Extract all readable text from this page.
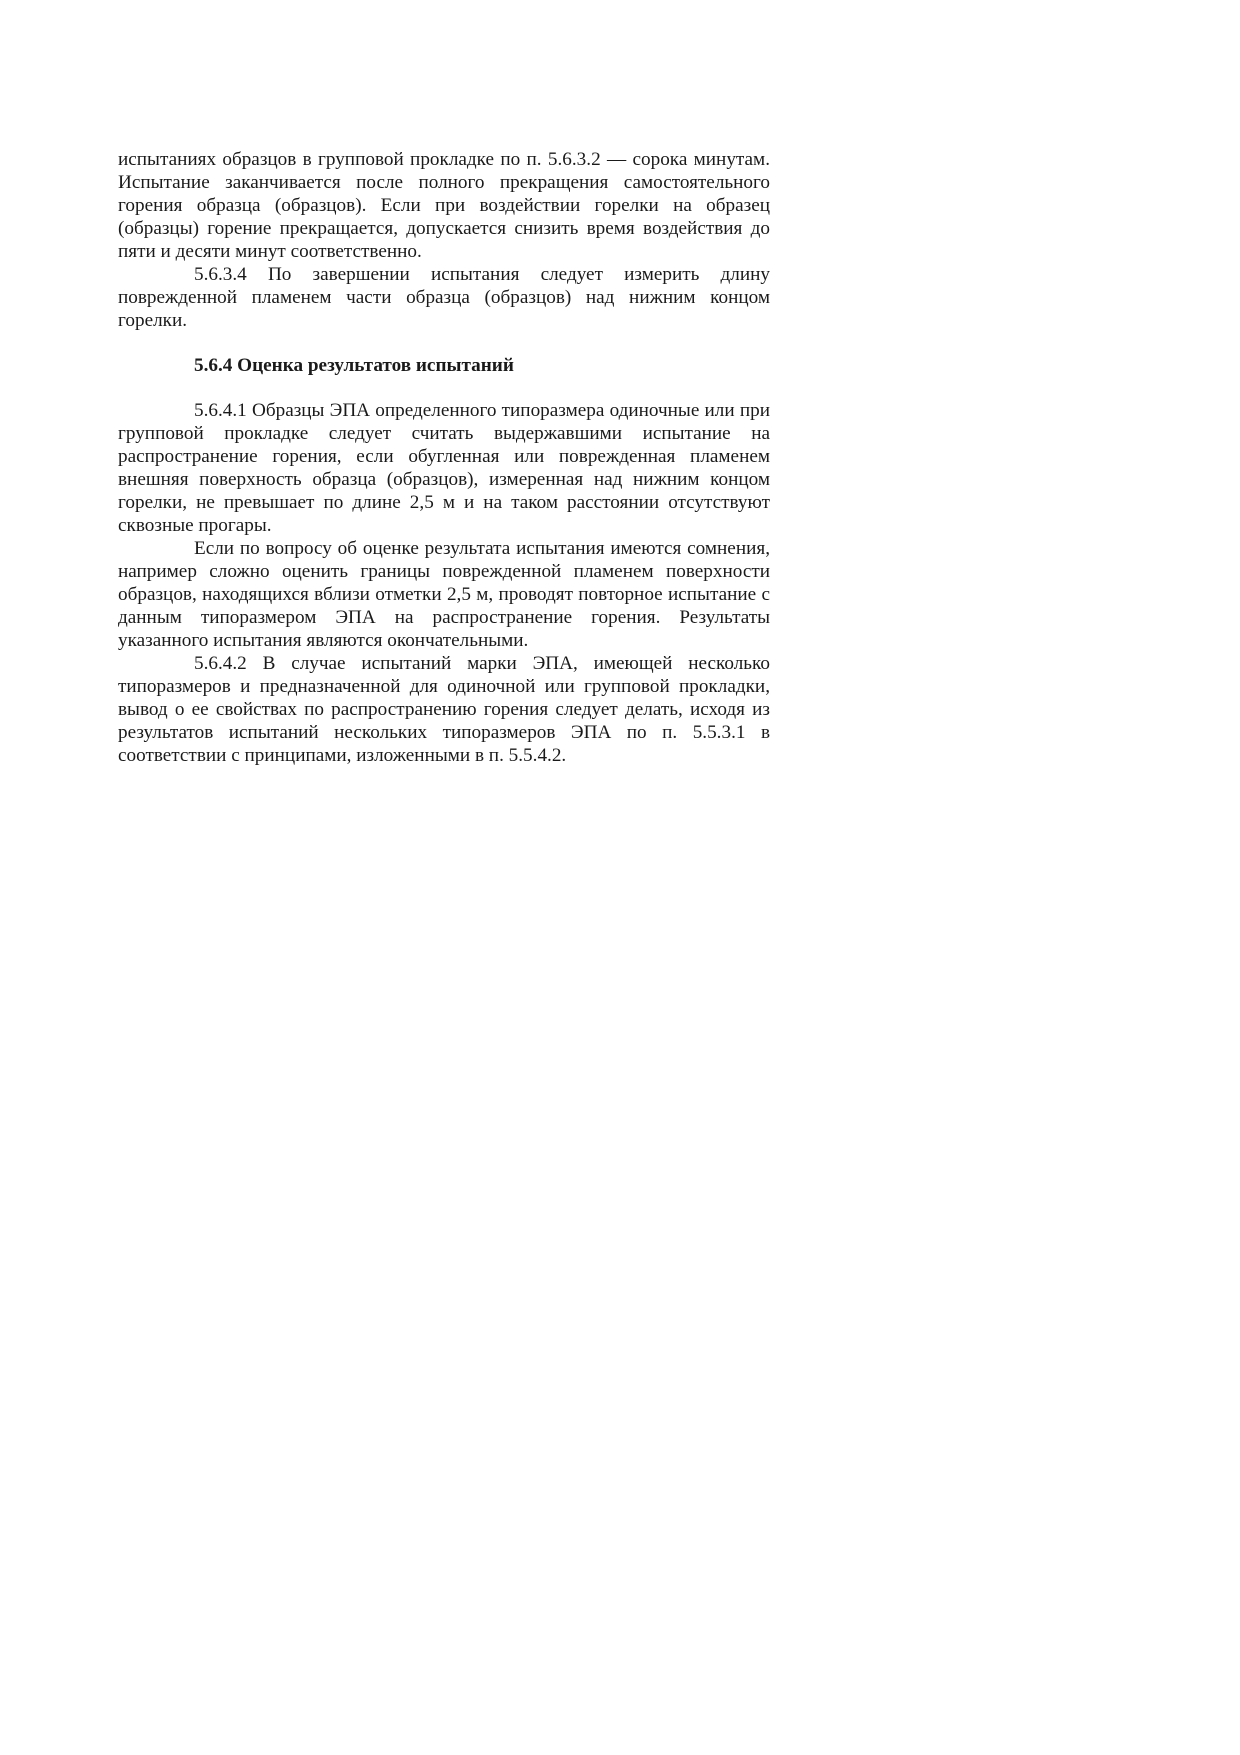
испытаниях образцов в групповой прокладке по п. 5.6.3.2 — сорока минутам. Испытание заканчивается после полного прекращения самостоятельного горения образца (образцов). Если при воздействии горелки на образец (образцы) горение прекращается, допускается снизить время воздействия до пяти и десяти минут соответственно.

5.6.3.4 По завершении испытания следует измерить длину поврежденной пламенем части образца (образцов) над нижним концом горелки.

5.6.4 Оценка результатов испытаний

5.6.4.1 Образцы ЭПА определенного типоразмера одиночные или при групповой прокладке следует считать выдержавшими испытание на распространение горения, если обугленная или поврежденная пламенем внешняя поверхность образца (образцов), измеренная над нижним концом горелки, не превышает по длине 2,5 м и на таком расстоянии отсутствуют сквозные прогары.

Если по вопросу об оценке результата испытания имеются сомнения, например сложно оценить границы поврежденной пламенем поверхности образцов, находящихся вблизи отметки 2,5 м, проводят повторное испытание с данным типоразмером ЭПА на распространение горения. Результаты указанного испытания являются окончательными.

5.6.4.2 В случае испытаний марки ЭПА, имеющей несколько типоразмеров и предназначенной для одиночной или групповой прокладки, вывод о ее свойствах по распространению горения следует делать, исходя из результатов испытаний нескольких типоразмеров ЭПА по п. 5.5.3.1 в соответствии с принципами, изложенными в п. 5.5.4.2.
